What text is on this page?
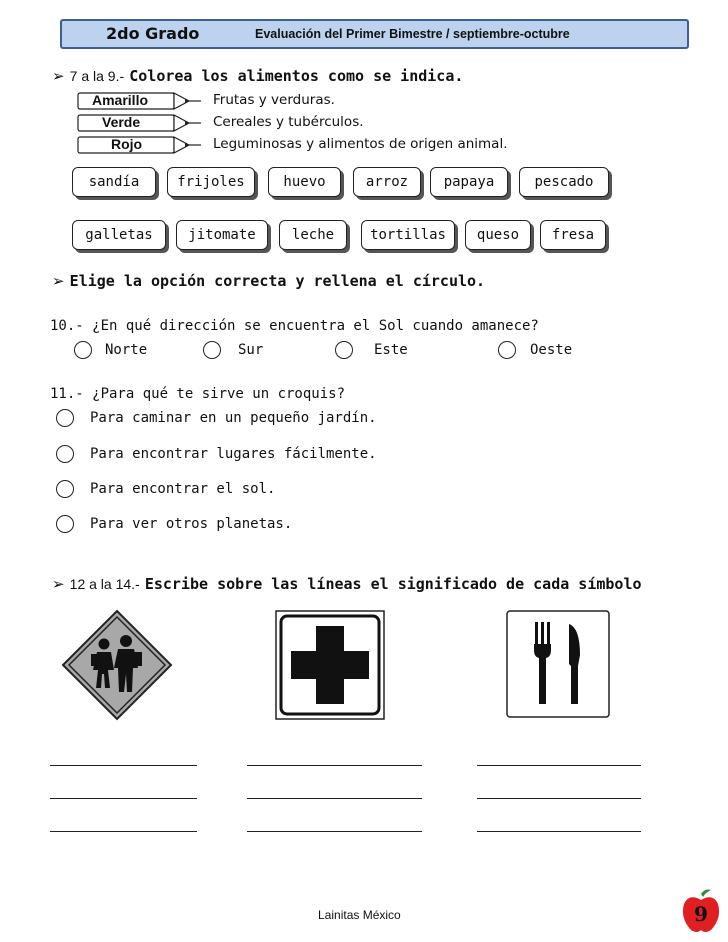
2do Grado	Evaluación del Primer Bimestre / septiembre-octubre
➢ 7 a la 9.- Colorea los alimentos como se indica.
Amarillo	Frutas y verduras.
Verde	Cereales y tubérculos.
Rojo	Leguminosas y alimentos de origen animal.
sandía	frijoles	huevo	arroz	papaya	pescado
galletas	jitomate	leche	tortillas	queso	fresa
➢ Elige la opción correcta y rellena el círculo.
10.- ¿En qué dirección se encuentra el Sol cuando amanece?
Norte	Sur	Este	Oeste
11.- ¿Para qué te sirve un croquis?
Para caminar en un pequeño jardín.
Para encontrar lugares fácilmente.
Para encontrar el sol.
Para ver otros planetas.
➢ 12 a la 14.- Escribe sobre las líneas el significado de cada símbolo
Lainitas México	9
